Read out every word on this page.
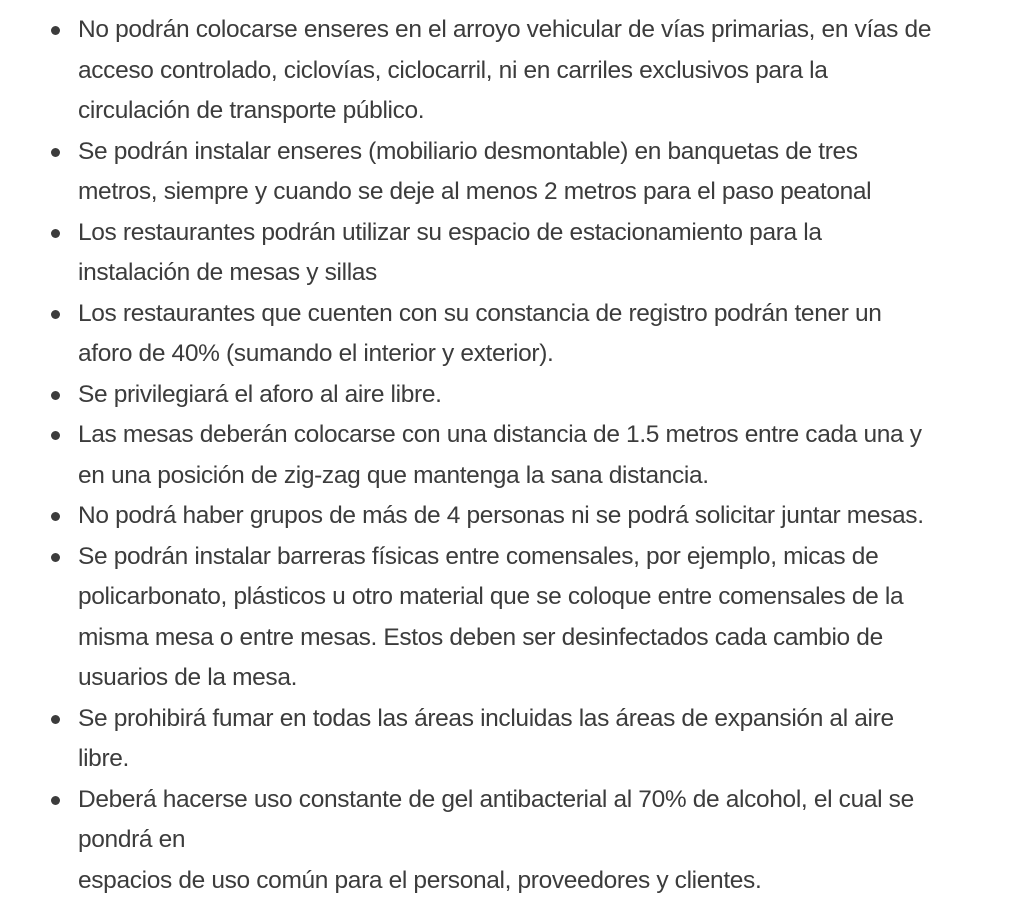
No podrán colocarse enseres en el arroyo vehicular de vías primarias, en vías de
acceso controlado, ciclovías, ciclocarril, ni en carriles exclusivos para la
circulación de transporte público.
Se podrán instalar enseres (mobiliario desmontable) en banquetas de tres
metros, siempre y cuando se deje al menos 2 metros para el paso peatonal
Los restaurantes podrán utilizar su espacio de estacionamiento para la
instalación de mesas y sillas
Los restaurantes que cuenten con su constancia de registro podrán tener un
aforo de 40% (sumando el interior y exterior).
Se privilegiará el aforo al aire libre.
Las mesas deberán colocarse con una distancia de 1.5 metros entre cada una y
en una posición de zig-zag que mantenga la sana distancia.
No podrá haber grupos de más de 4 personas ni se podrá solicitar juntar mesas.
Se podrán instalar barreras físicas entre comensales, por ejemplo, micas de
policarbonato, plásticos u otro material que se coloque entre comensales de la
misma mesa o entre mesas. Estos deben ser desinfectados cada cambio de
usuarios de la mesa.
Se prohibirá fumar en todas las áreas incluidas las áreas de expansión al aire
libre.
Deberá hacerse uso constante de gel antibacterial al 70% de alcohol, el cual se
pondrá en
espacios de uso común para el personal, proveedores y clientes.
